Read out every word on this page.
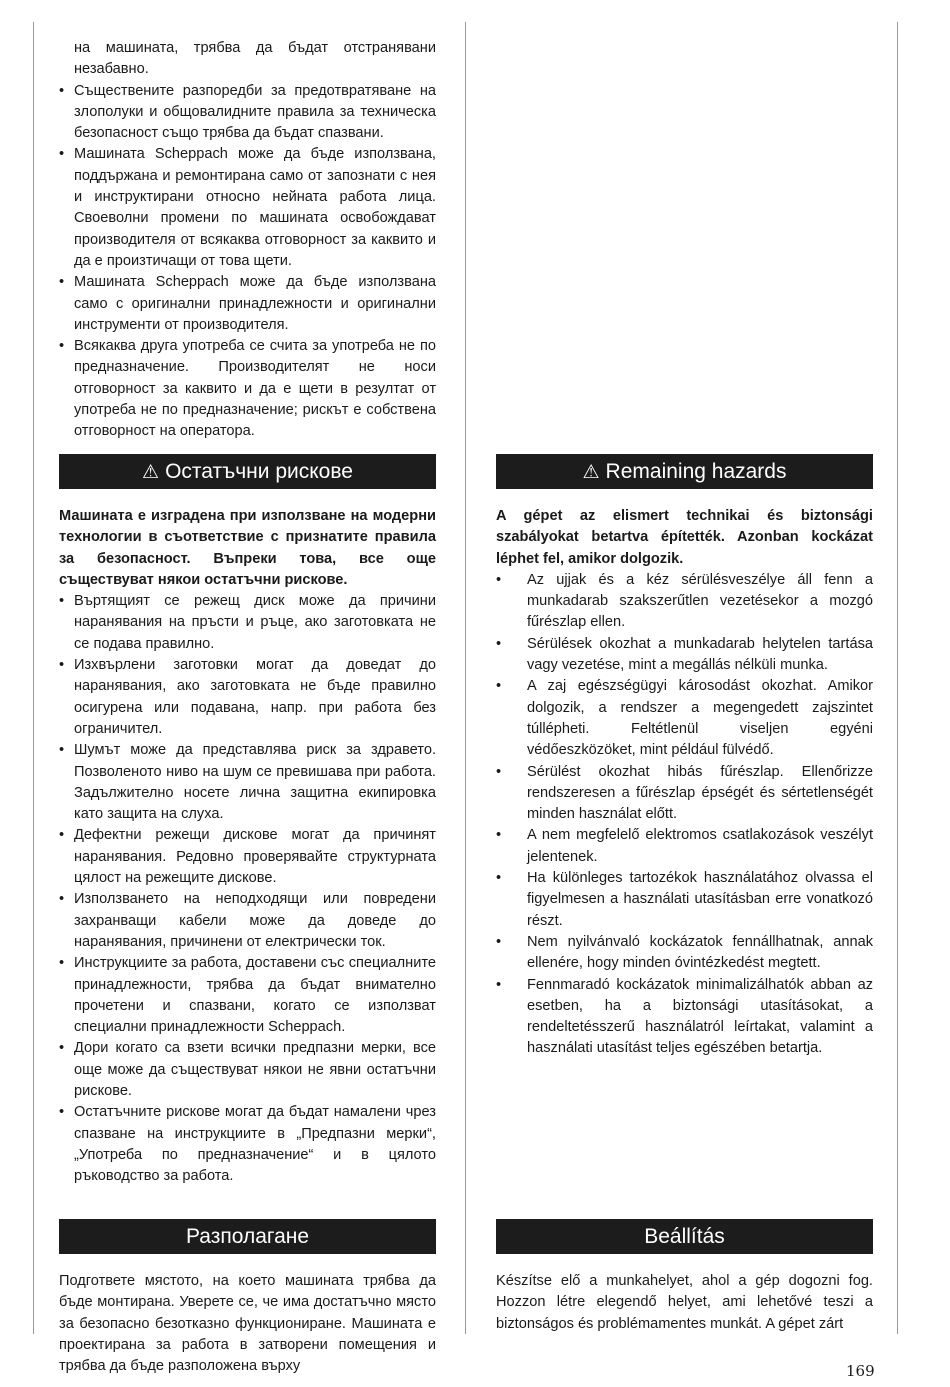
на машината, трябва да бъдат отстранявани незабавно.
• Съществените разпоредби за предотвратяване на злополуки и общовалидните правила за техническа безопасност също трябва да бъдат спазвани.
• Машината Scheppach може да бъде използвана, поддържана и ремонтирана само от запознати с нея и инструктирани относно нейната работа лица. Своеволни промени по машината освобождават производителя от всякаква отговорност за каквито и да е произтичащи от това щети.
• Машината Scheppach може да бъде използвана само с оригинални принадлежности и оригинални инструменти от производителя.
• Всякаква друга употреба се счита за употреба не по предназначение. Производителят не носи отговорност за каквито и да е щети в резултат от употреба не по предназначение; рискът е собствена отговорност на оператора.
⚠ Остатъчни рискове
Машината е изградена при използване на модерни технологии в съответствие с признатите правила за безопасност. Въпреки това, все още съществуват някои остатъчни рискове.
• Въртящият се режещ диск може да причини наранявания на пръсти и ръце, ако заготовката не се подава правилно.
• Изхвърлени заготовки могат да доведат до наранявания, ако заготовката не бъде правилно осигурена или подавана, напр. при работа без ограничител.
• Шумът може да представлява риск за здравето. Позволеното ниво на шум се превишава при работа. Задължително носете лична защитна екипировка като защита на слуха.
• Дефектни режещи дискове могат да причинят наранявания. Редовно проверявайте структурната цялост на режещите дискове.
• Използването на неподходящи или повредени захранващи кабели може да доведе до наранявания, причинени от електрически ток.
• Инструкциите за работа, доставени със специалните принадлежности, трябва да бъдат внимателно прочетени и спазвани, когато се използват специални принадлежности Scheppach.
• Дори когато са взети всички предпазни мерки, все още може да съществуват някои не явни остатъчни рискове.
• Остатъчните рискове могат да бъдат намалени чрез спазване на инструкциите в „Предпазни мерки“, „Употреба по предназначение“ и в цялото ръководство за работа.
Разполагане
Подгответе мястото, на което машината трябва да бъде монтирана. Уверете се, че има достатъчно място за безопасно безотказно функциониране. Машината е проектирана за работа в затворени помещения и трябва да бъде разположена върху
⚠ Remaining hazards
A gépet az elismert technikai és biztonsági szabályokat betartva építették. Azonban kockázat léphet fel, amikor dolgozik.
• Az ujjak és a kéz sérülésveszélye áll fenn a munkadarab szakszerűtlen vezetésekor a mozgó fűrészlap ellen.
• Sérülések okozhat a munkadarab helytelen tartása vagy vezetése, mint a megállás nélküli munka.
• A zaj egészségügyi károsodást okozhat. Amikor dolgozik, a rendszer a megengedett zajszintet túllépheti. Feltétlenül viseljen egyéni védőeszközöket, mint például fülvédő.
• Sérülést okozhat hibás fűrészlap. Ellenőrizze rendszeresen a fűrészlap épségét és sértetlenségét minden használat előtt.
• A nem megfelelő elektromos csatlakozások veszélyt jelentenek.
• Ha különleges tartozékok használatához olvassa el figyelmesen a használati utasításban erre vonatkozó részt.
• Nem nyilvánvaló kockázatok fennállhatnak, annak ellenére, hogy minden óvintézkedést megtett.
• Fennmaradó kockázatok minimalizálhatók abban az esetben, ha a biztonsági utasításokat, a rendeltetésszerű használatról leírtakat, valamint a használati utasítást teljes egészében betartja.
Beállítás
Készítse elő a munkahelyet, ahol a gép dogozni fog. Hozzon létre elegendő helyet, ami lehetővé teszi a biztonságos és problémamentes munkát. A gépet zárt
169
